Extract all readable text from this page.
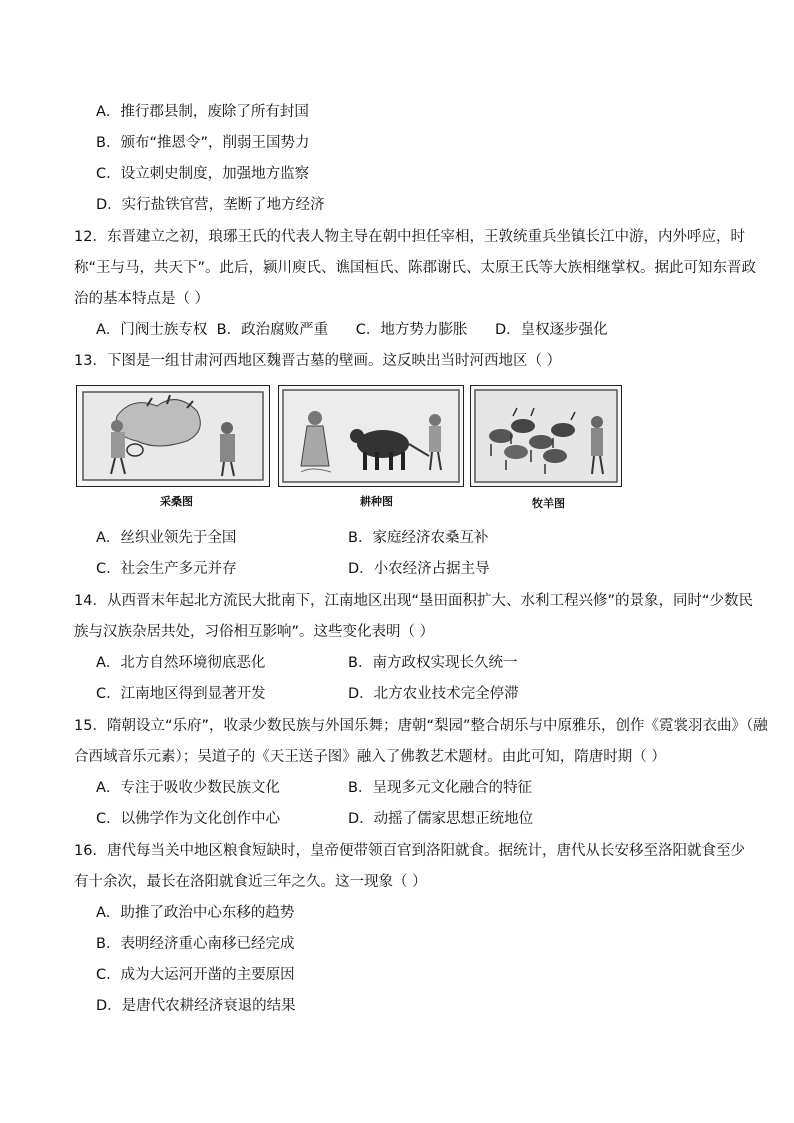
A．推行郡县制，废除了所有封国
B．颁布“推恩令”，削弱王国势力
C．设立刺史制度，加强地方监察
D．实行盐铁官营，垄断了地方经济
12．东晋建立之初，琅琊王氏的代表人物主导在朝中担任宰相，王敦统重兵坐镇长江中游，内外呼应，时
称“王与马，共天下”。此后，颍川庾氏、谯国桓氏、陈郡谢氏、太原王氏等大族相继掌权。据此可知东晋政
治的基本特点是（ ）
A．门阀士族专权  B．政治腐败严重      C．地方势力膨胀      D．皇权逐步强化
13．下图是一组甘肃河西地区魏晋古墓的壁画。这反映出当时河西地区（ ）
采桑图	耕种图	牧羊图
A．丝织业领先于全国	B．家庭经济农桑互补
C．社会生产多元并存	D．小农经济占据主导
14．从西晋末年起北方流民大批南下，江南地区出现“垦田面积扩大、水利工程兴修”的景象，同时“少数民
族与汉族杂居共处，习俗相互影响”。这些变化表明（ ）
A．北方自然环境彻底恶化	B．南方政权实现长久统一
C．江南地区得到显著开发	D．北方农业技术完全停滞
15．隋朝设立“乐府”，收录少数民族与外国乐舞；唐朝“梨园”整合胡乐与中原雅乐，创作《霓裳羽衣曲》（融
合西域音乐元素）；吴道子的《天王送子图》融入了佛教艺术题材。由此可知，隋唐时期（ ）
A．专注于吸收少数民族文化	B．呈现多元文化融合的特征
C．以佛学作为文化创作中心	D．动摇了儒家思想正统地位
16．唐代每当关中地区粮食短缺时，皇帝便带领百官到洛阳就食。据统计，唐代从长安移至洛阳就食至少
有十余次，最长在洛阳就食近三年之久。这一现象（ ）
A．助推了政治中心东移的趋势
B．表明经济重心南移已经完成
C．成为大运河开凿的主要原因
D．是唐代农耕经济衰退的结果
